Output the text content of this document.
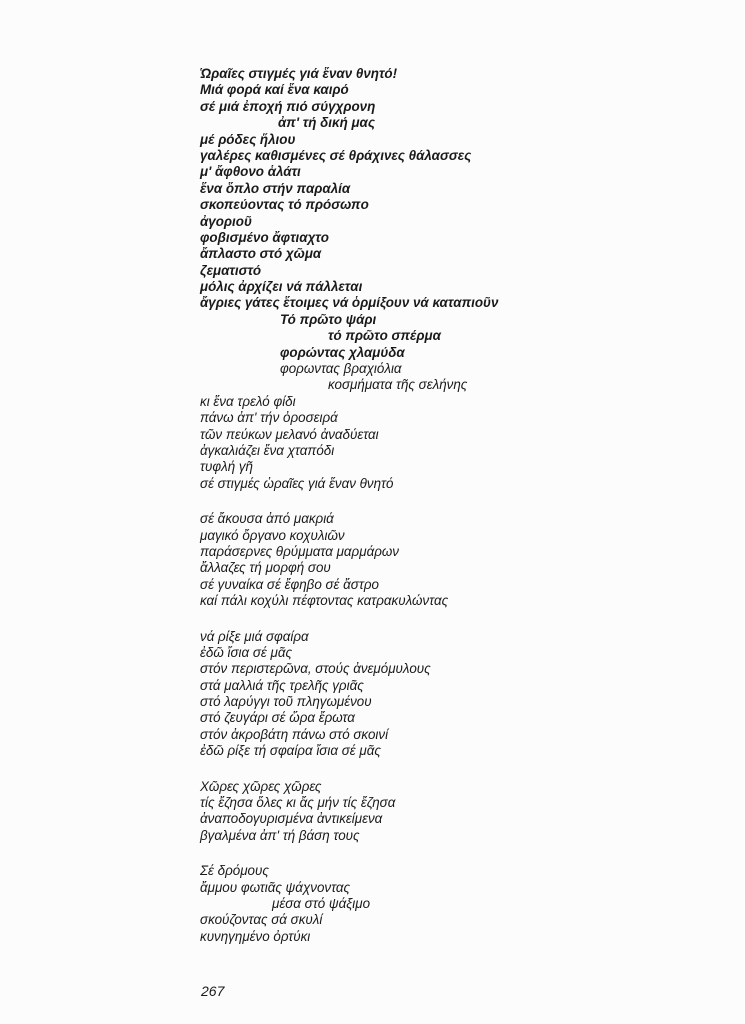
Ὡραῖες στιγμές γιά ἕναν θνητό!
Μιά φορά καί ἕνα καιρό
σέ μιά ἐποχή πιό σύγχρονη
ἀπ' τή δική μας
μέ ρόδες ἥλιου
γαλέρες καθισμένες σέ θράχινες θάλασσες
μ' ἄφθονο ἁλάτι
ἕνα ὅπλο στήν παραλία
σκοπεύοντας τό πρόσωπο
ἀγοριοῦ
φοβισμένο ἄφτιαχτο
ἄπλαστο στό χῶμα
ζεματιστό
μόλις ἀρχίζει νά πάλλεται
ἄγριες γάτες ἕτοιμες νά ὁρμίξουν νά καταπιοῦν
Τό πρῶτο ψάρι
τό πρῶτο σπέρμα
φορώντας χλαμύδα
φορωντας βραχιόλια
κοσμήματα τῆς σελήνης
κι ἕνα τρελό φίδι
πάνω ἀπ' τήν ὀροσειρά
τῶν πεύκων μελανό ἀναδύεται
ἀγκαλιάζει ἕνα χταπόδι
τυφλή γῆ
σέ στιγμές ὡραῖες γιά ἕναν θνητό
σέ ἄκουσα ἀπό μακριά
μαγικό ὄργανο κοχυλιῶν
παράσερνες θρύμματα μαρμάρων
ἄλλαζες τή μορφή σου
σέ γυναίκα σέ ἔφηβο σέ ἄστρο
καί πάλι κοχύλι πέφτοντας κατρακυλώντας
νά ρίξε μιά σφαίρα
ἐδῶ ἴσια σέ μᾶς
στόν περιστερῶνα, στούς ἀνεμόμυλους
στά μαλλιά τῆς τρελῆς γριᾶς
στό λαρύγγι τοῦ πληγωμένου
στό ζευγάρι σέ ὥρα ἔρωτα
στόν ἀκροβάτη πάνω στό σκοινί
ἐδῶ ρίξε τή σφαίρα ἴσια σέ μᾶς
Χῶρες χῶρες χῶρες
τίς ἔζησα ὅλες κι ἄς μήν τίς ἔζησα
ἀναποδογυρισμένα ἀντικείμενα
βγαλμένα ἀπ' τή βάση τους
Σέ δρόμους
ἄμμου φωτιᾶς ψάχνοντας
μέσα στό ψάξιμο
σκούζοντας σά σκυλί
κυνηγημένο ὀρτύκι
267
